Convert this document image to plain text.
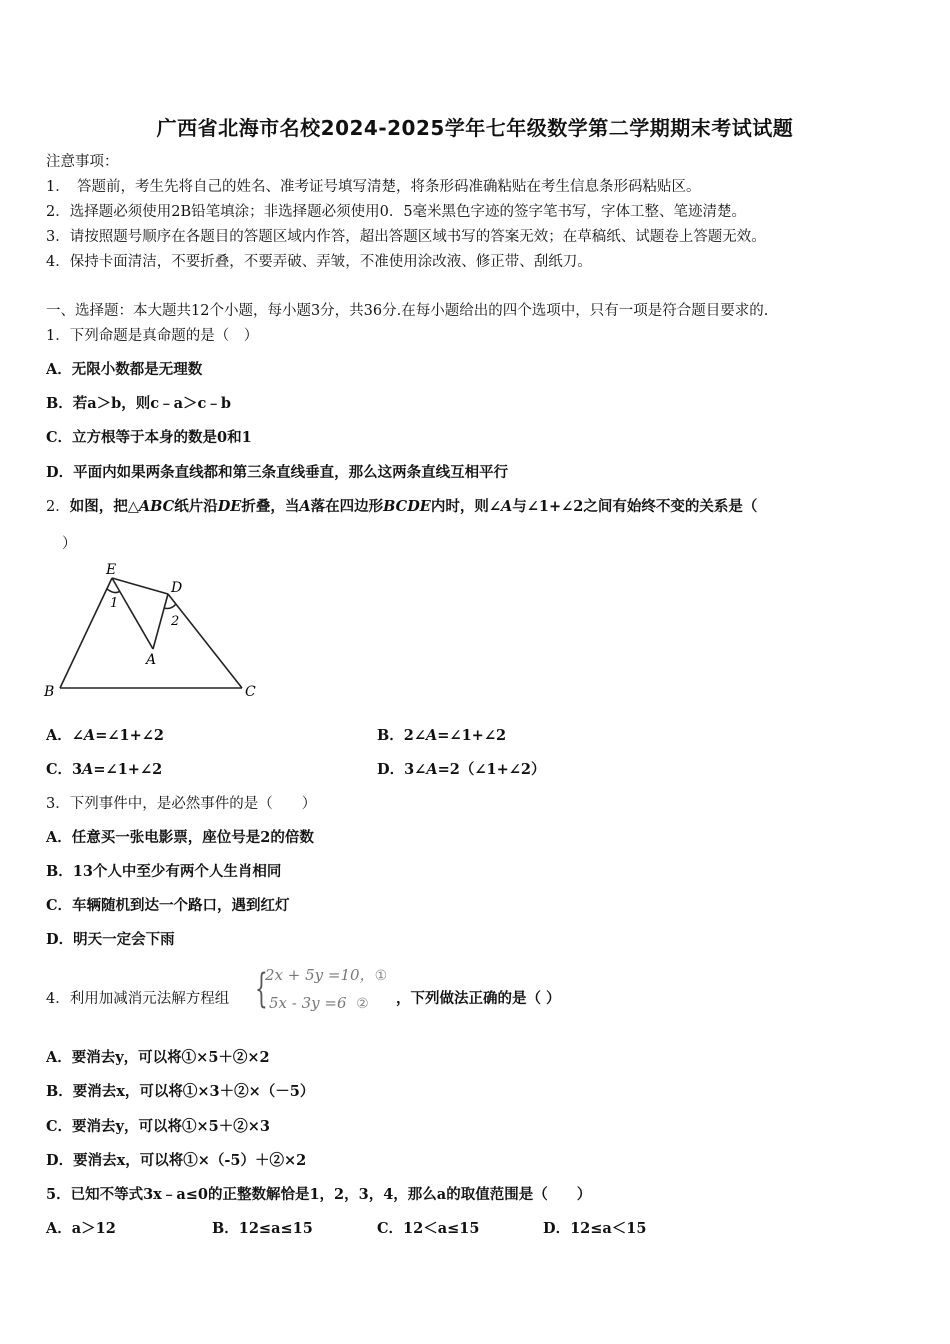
广西省北海市名校2024-2025学年七年级数学第二学期期末考试试题
注意事项：
1．　答题前，考生先将自己的姓名、准考证号填写清楚，将条形码准确粘贴在考生信息条形码粘贴区。
2．选择题必须使用2B铅笔填涂；非选择题必须使用0．5毫米黑色字迹的签字笔书写，字体工整、笔迹清楚。
3．请按照题号顺序在各题目的答题区域内作答，超出答题区域书写的答案无效；在草稿纸、试题卷上答题无效。
4．保持卡面清洁，不要折叠，不要弄破、弄皱，不准使用涂改液、修正带、刮纸刀。
一、选择题：本大题共12个小题，每小题3分，共36分.在每小题给出的四个选项中，只有一项是符合题目要求的.
1．下列命题是真命题的是（　）
A．无限小数都是无理数
B．若a＞b，则c﹣a＞c﹣b
C．立方根等于本身的数是0和1
D．平面内如果两条直线都和第三条直线垂直，那么这两条直线互相平行
2．如图，把△ABC纸片沿DE折叠，当A落在四边形BCDE内时，则∠A与∠1+∠2之间有始终不变的关系是（
）
E
D
A
B	C
1
2
A．∠A=∠1+∠2	B．2∠A=∠1+∠2
C．3A=∠1+∠2	D．3∠A=2（∠1+∠2）
3．下列事件中，是必然事件的是（　　）
A．任意买一张电影票，座位号是2的倍数
B．13个人中至少有两个人生肖相同
C．车辆随机到达一个路口，遇到红灯
D．明天一定会下雨
4．利用加减消元法解方程组 {
2x + 5y =10，①
5x - 3y =6 ② ，下列做法正确的是（ ）
A．要消去y，可以将①×5＋②×2
B．要消去x，可以将①×3＋②×（－5）
C．要消去y，可以将①×5＋②×3
D．要消去x，可以将①×（-5）＋②×2
5．已知不等式3x﹣a≤0的正整数解恰是1，2，3，4，那么a的取值范围是（　　）
A．a＞12	B．12≤a≤15	C．12＜a≤15	D．12≤a＜15
